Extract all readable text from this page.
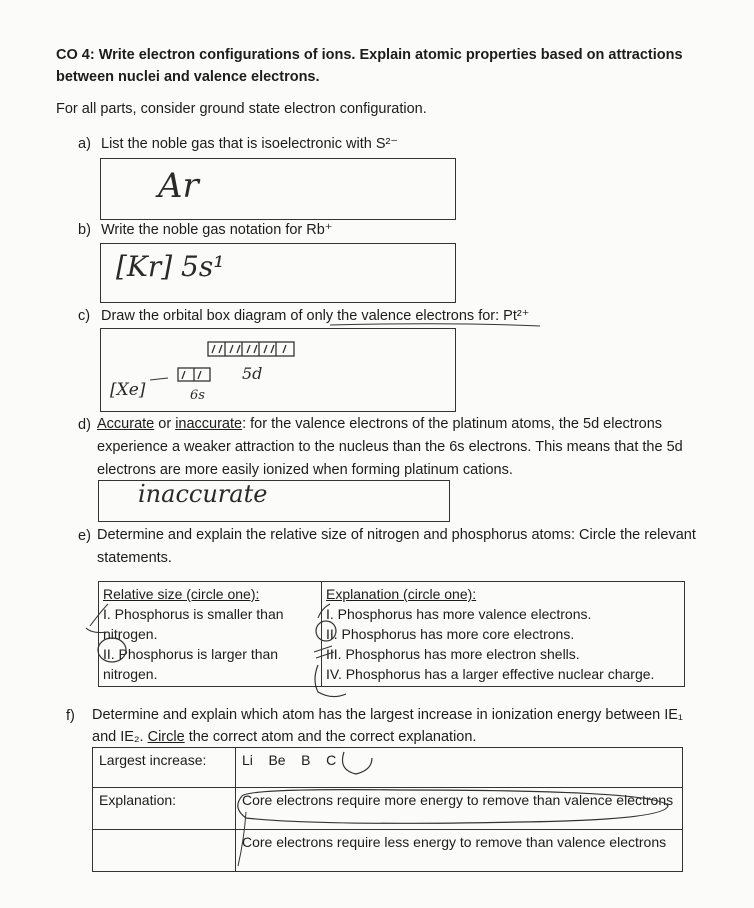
CO 4: Write electron configurations of ions. Explain atomic properties based on attractions between nuclei and valence electrons.
For all parts, consider ground state electron configuration.
a) List the noble gas that is isoelectronic with S²⁻
Ar
b) Write the noble gas notation for Rb⁺
[Kr] 5s¹
c) Draw the orbital box diagram of only the valence electrons for: Pt²⁺
[Xe]	6s
5d
d) Accurate or inaccurate: for the valence electrons of the platinum atoms, the 5d electrons experience a weaker attraction to the nucleus than the 6s electrons. This means that the 5d electrons are more easily ionized when forming platinum cations.
inaccurate
e) Determine and explain the relative size of nitrogen and phosphorus atoms: Circle the relevant statements.
Relative size (circle one):
I. Phosphorus is smaller than nitrogen.
II. Phosphorus is larger than nitrogen.

Explanation (circle one):
I. Phosphorus has more valence electrons.
II. Phosphorus has more core electrons.
III. Phosphorus has more electron shells.
IV. Phosphorus has a larger effective nuclear charge.
f) Determine and explain which atom has the largest increase in ionization energy between IE₁ and IE₂. Circle the correct atom and the correct explanation.
Largest increase:	Li Be B C
Explanation:	Core electrons require more energy to remove than valence electrons
	Core electrons require less energy to remove than valence electrons
